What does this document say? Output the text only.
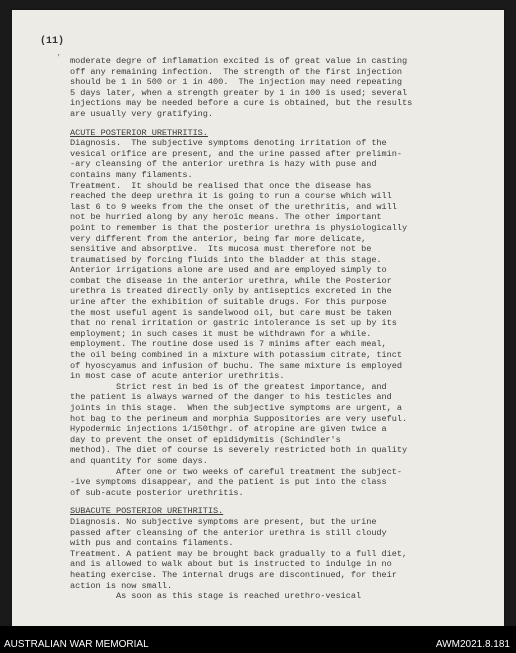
(11)
ʼ moderate degre of inflamation excited is of great value in casting
off any remaining infection.  The strength of the first injection
should be 1 in 500 or 1 in 400.  The injection may need repeating
5 days later, when a strength greater by 1 in 100 is used; several
injections may be needed before a cure is obtained, but the results
are usually very gratifying.
ACUTE POSTERIOR URETHRITIS.
Diagnosis.  The subjective symptoms denoting irritation of the
vesical orifice are present, and the urine passed after prelimin-
-ary cleansing of the anterior urethra is hazy with puse and
contains many filaments.
Treatment.  It should be realised that once the disease has
reached the deep urethra it is going to run a course which will
last 6 to 9 weeks from the the onset of the urethritis, and will
not be hurried along by any heroic means. The other important
point to remember is that the posterior urethra is physiologically
very different from the anterior, being far more delicate,
sensitive and absorptive.  Its mucosa must therefore not be
traumatised by forcing fluids into the bladder at this stage.
Anterior irrigations alone are used and are employed simply to
combat the disease in the anterior urethra, while the Posterior
urethra is treated directly only by antiseptics excreted in the
urine after the exhibition of suitable drugs. For this purpose
the most useful agent is sandelwood oil, but care must be taken
that no renal irritation or gastric intolerance is set up by its
employment; in such cases it must be withdrawn for a while.
employment. The routine dose used is 7 minims after each meal,
the oil being combined in a mixture with potassium citrate, tinct
of hyoscyamus and infusion of buchu. The same mixture is employed
in most case of acute anterior urethritis.
Strict rest in bed is of the greatest importance, and
the patient is always warned of the danger to his testicles and
joints in this stage.  When the subjective symptoms are urgent, a
hot bag to the perineum and morphia Suppositories are very useful.
Hypodermic injections 1/150thgr. of atropine are given twice a
day to prevent the onset of epididymitis (Schindler's
method). The diet of course is severely restricted both in quality
and quantity for some days.
After one or two weeks of careful treatment the subject-
-ive symptoms disappear, and the patient is put into the class
of sub-acute posterior urethritis.
SUBACUTE POSTERIOR URETHRITIS.
Diagnosis. No subjective symptoms are present, but the urine
passed after cleansing of the anterior urethra is still cloudy
with pus and contains filaments.
Treatment. A patient may be brought back gradually to a full diet,
and is allowed to walk about but is instructed to indulge in no
heating exercise. The internal drugs are discontinued, for their
action is now small.
As soon as this stage is reached urethro-vesical
AUSTRALIAN WAR MEMORIAL	AWM2021.8.181
